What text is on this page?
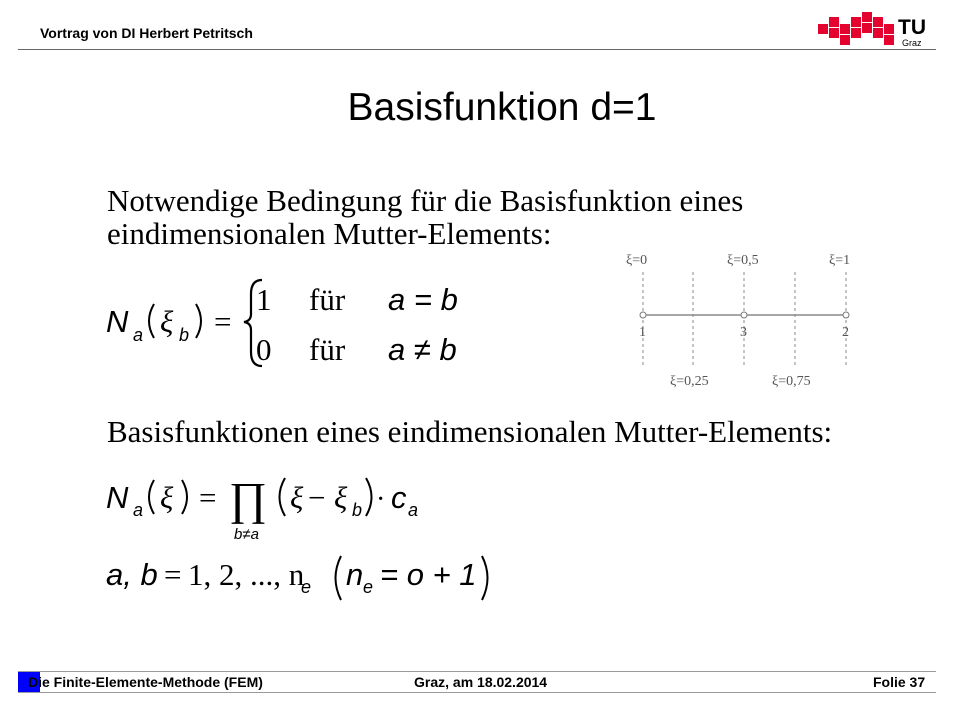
Vortrag von DI Herbert Petritsch	TU
Graz
Basisfunktion d=1
Notwendige Bedingung für die Basisfunktion eines
eindimensionalen Mutter-Elements:
N a ξ b =
1 für a = b
0 für a ≠ b
ξ=0	ξ=0,5	ξ=1
1	3	2
ξ=0,25	ξ=0,75
Basisfunktionen eines eindimensionalen Mutter-Elements:
N a ξ = ∏
b≠a
ξ − ξ b · c a
a, b = 1, 2, ..., n
e n e = o + 1
Die Finite-Elemente-Methode (FEM)	Graz, am 18.02.2014	Folie 37
